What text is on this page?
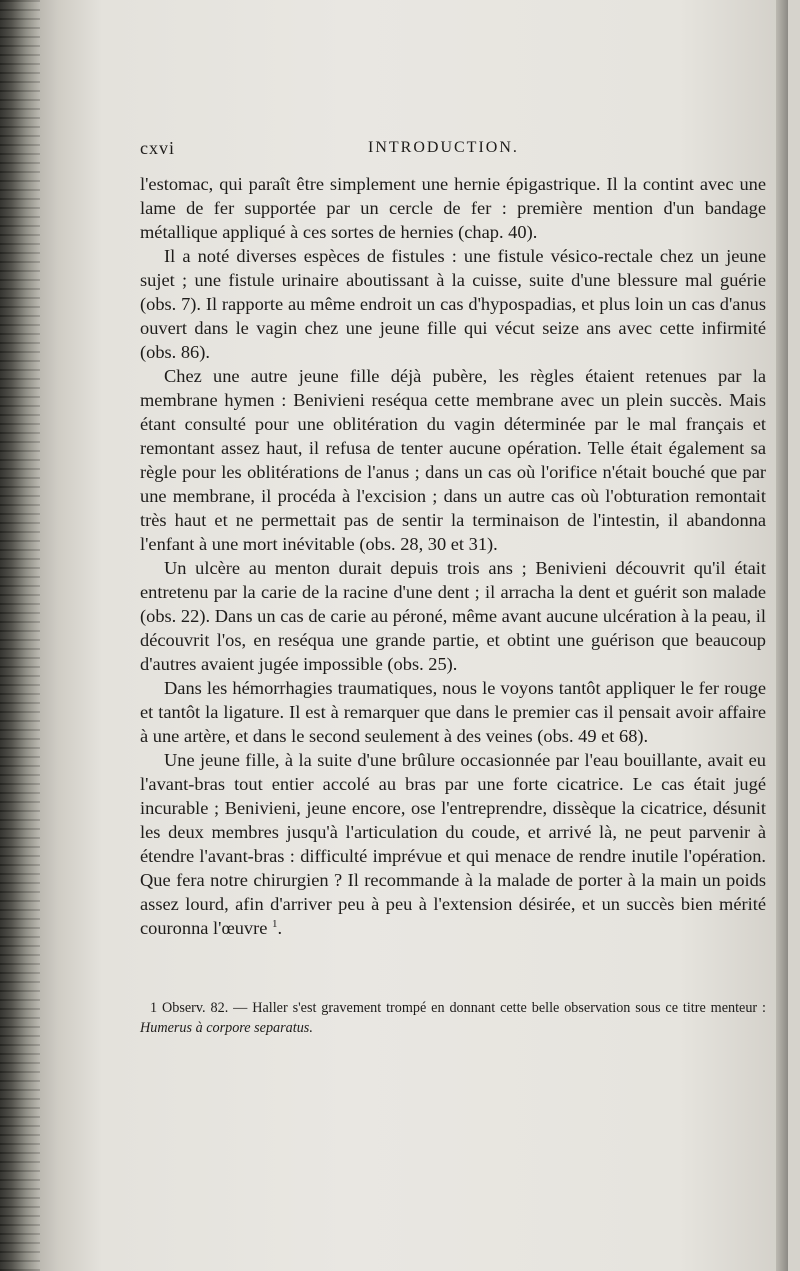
cxvi	INTRODUCTION.

l'estomac, qui paraît être simplement une hernie épigastrique. Il la contint avec une lame de fer supportée par un cercle de fer : première mention d'un bandage métallique appliqué à ces sortes de hernies (chap. 40).

Il a noté diverses espèces de fistules : une fistule vésico-rectale chez un jeune sujet ; une fistule urinaire aboutissant à la cuisse, suite d'une blessure mal guérie (obs. 7). Il rapporte au même endroit un cas d'hypospadias, et plus loin un cas d'anus ouvert dans le vagin chez une jeune fille qui vécut seize ans avec cette infirmité (obs. 86).

Chez une autre jeune fille déjà pubère, les règles étaient retenues par la membrane hymen : Benivieni reséqua cette membrane avec un plein succès. Mais étant consulté pour une oblitération du vagin déterminée par le mal français et remontant assez haut, il refusa de tenter aucune opération. Telle était également sa règle pour les oblitérations de l'anus ; dans un cas où l'orifice n'était bouché que par une membrane, il procéda à l'excision ; dans un autre cas où l'obturation remontait très haut et ne permettait pas de sentir la terminaison de l'intestin, il abandonna l'enfant à une mort inévitable (obs. 28, 30 et 31).

Un ulcère au menton durait depuis trois ans ; Benivieni découvrit qu'il était entretenu par la carie de la racine d'une dent ; il arracha la dent et guérit son malade (obs. 22). Dans un cas de carie au péroné, même avant aucune ulcération à la peau, il découvrit l'os, en reséqua une grande partie, et obtint une guérison que beaucoup d'autres avaient jugée impossible (obs. 25).

Dans les hémorrhagies traumatiques, nous le voyons tantôt appliquer le fer rouge et tantôt la ligature. Il est à remarquer que dans le premier cas il pensait avoir affaire à une artère, et dans le second seulement à des veines (obs. 49 et 68).

Une jeune fille, à la suite d'une brûlure occasionnée par l'eau bouillante, avait eu l'avant-bras tout entier accolé au bras par une forte cicatrice. Le cas était jugé incurable ; Benivieni, jeune encore, ose l'entreprendre, dissèque la cicatrice, désunit les deux membres jusqu'à l'articulation du coude, et arrivé là, ne peut parvenir à étendre l'avant-bras : difficulté imprévue et qui menace de rendre inutile l'opération. Que fera notre chirurgien ? Il recommande à la malade de porter à la main un poids assez lourd, afin d'arriver peu à peu à l'extension désirée, et un succès bien mérité couronna l'œuvre $^1$.

1 Observ. 82. — Haller s'est gravement trompé en donnant cette belle observation sous ce titre menteur : Humerus à corpore separatus.
